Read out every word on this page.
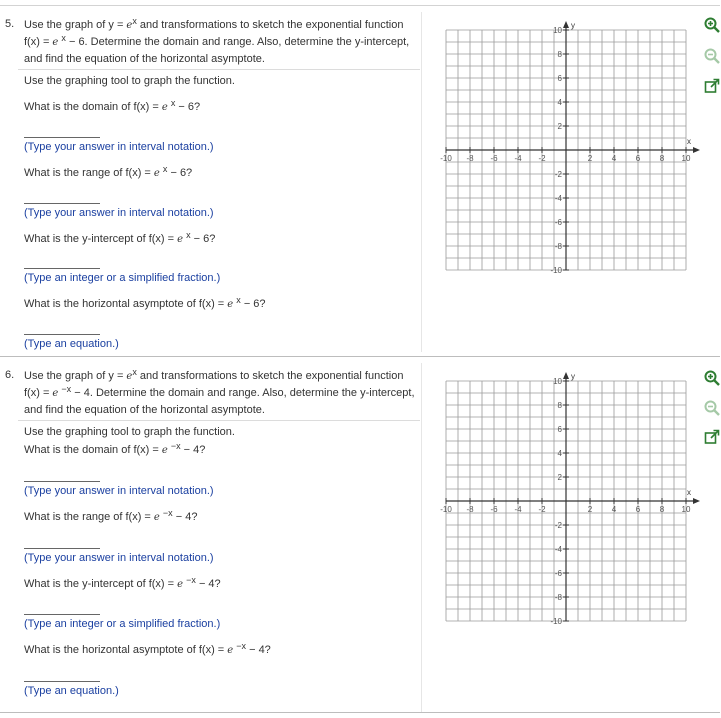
5. Use the graph of $y = e^x$ and transformations to sketch the exponential function
f(x) = e $^x$ − 6. Determine the domain and range. Also, determine the y-intercept,
and find the equation of the horizontal asymptote.
Use the graphing tool to graph the function.
What is the domain of f(x) = e $^x$ − 6?
(Type your answer in interval notation.)
What is the range of f(x) = e $^x$ − 6?
(Type your answer in interval notation.)
What is the y-intercept of f(x) = e $^x$ − 6?
(Type an integer or a simplified fraction.)
What is the horizontal asymptote of f(x) = e $^x$ − 6?
(Type an equation.)
x
y
-10 -8 -6 -4 -2	2 4 6 8 10
10
8
6
4
2
-2
-4
-6
-8
-10
6. Use the graph of $y = e^x$ and transformations to sketch the exponential function
f(x) = e $^{-x}$ − 4. Determine the domain and range. Also, determine the y-intercept,
and find the equation of the horizontal asymptote.
Use the graphing tool to graph the function.
What is the domain of f(x) = e $^{-x}$ − 4?
(Type your answer in interval notation.)
What is the range of f(x) = e $^{-x}$ − 4?
(Type your answer in interval notation.)
What is the y-intercept of f(x) = e $^{-x}$ − 4?
(Type an integer or a simplified fraction.)
What is the horizontal asymptote of f(x) = e $^{-x}$ − 4?
(Type an equation.)
x
y
-10 -8 -6 -4 -2	2 4 6 8 10
10
8
6
4
2
-2
-4
-6
-8
-10
